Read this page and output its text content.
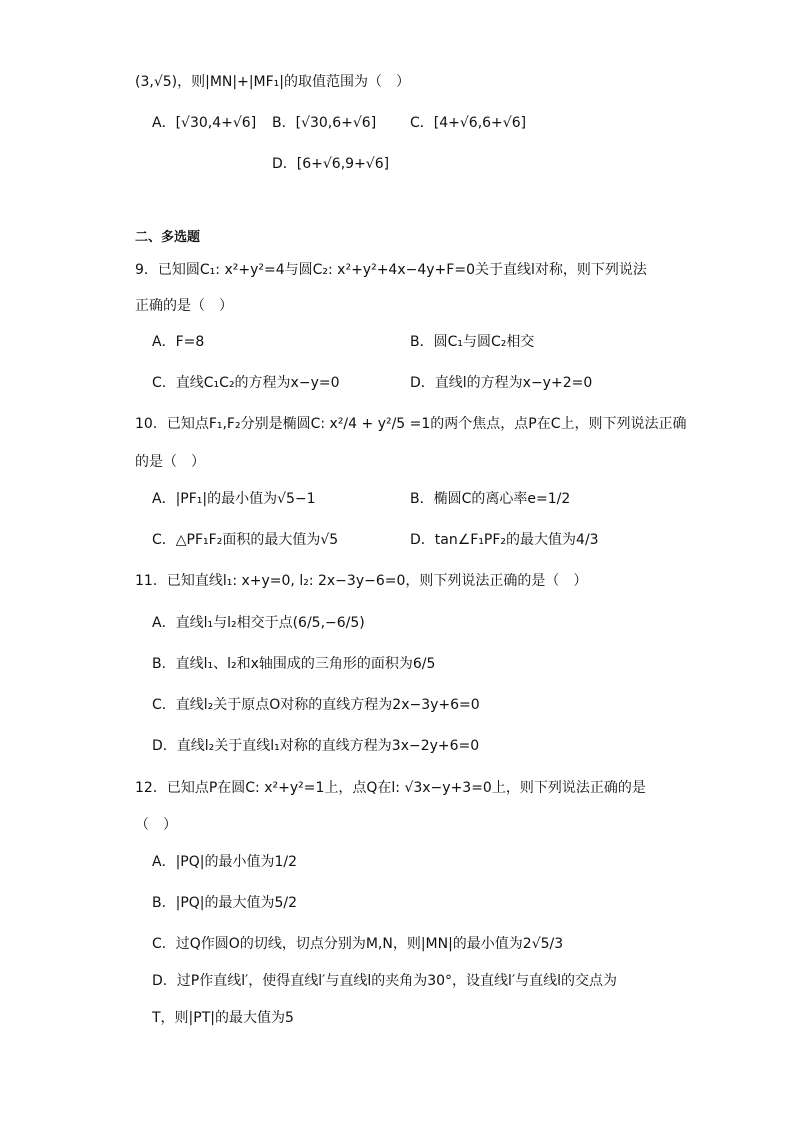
(3,√5)，则|MN|+|MF₁|的取值范围为（　）
A．[√30,4+√6] B．[√30,6+√6] C．[4+√6,6+√6]
D．[6+√6,9+√6]
二、多选题
9．已知圆C₁: x²+y²=4与圆C₂: x²+y²+4x−4y+F=0关于直线l对称，则下列说法
正确的是（　）
A．F=8	B．圆C₁与圆C₂相交
C．直线C₁C₂的方程为x−y=0	D．直线l的方程为x−y+2=0
10．已知点F₁,F₂分别是椭圆C: x²/4 + y²/5 =1的两个焦点，点P在C上，则下列说法正确
的是（　）
A．|PF₁|的最小值为√5−1	B．椭圆C的离心率e=1/2
C．△PF₁F₂面积的最大值为√5	D．tan∠F₁PF₂的最大值为4/3
11．已知直线l₁: x+y=0, l₂: 2x−3y−6=0，则下列说法正确的是（　）
A．直线l₁与l₂相交于点(6/5,−6/5)
B．直线l₁、l₂和x轴围成的三角形的面积为6/5
C．直线l₂关于原点O对称的直线方程为2x−3y+6=0
D．直线l₂关于直线l₁对称的直线方程为3x−2y+6=0
12．已知点P在圆C: x²+y²=1上，点Q在l: √3x−y+3=0上，则下列说法正确的是
（　）
A．|PQ|的最小值为1/2
B．|PQ|的最大值为5/2
C．过Q作圆O的切线，切点分别为M,N，则|MN|的最小值为2√5/3
D．过P作直线l′，使得直线l′与直线l的夹角为30°，设直线l′与直线l的交点为
T，则|PT|的最大值为5
